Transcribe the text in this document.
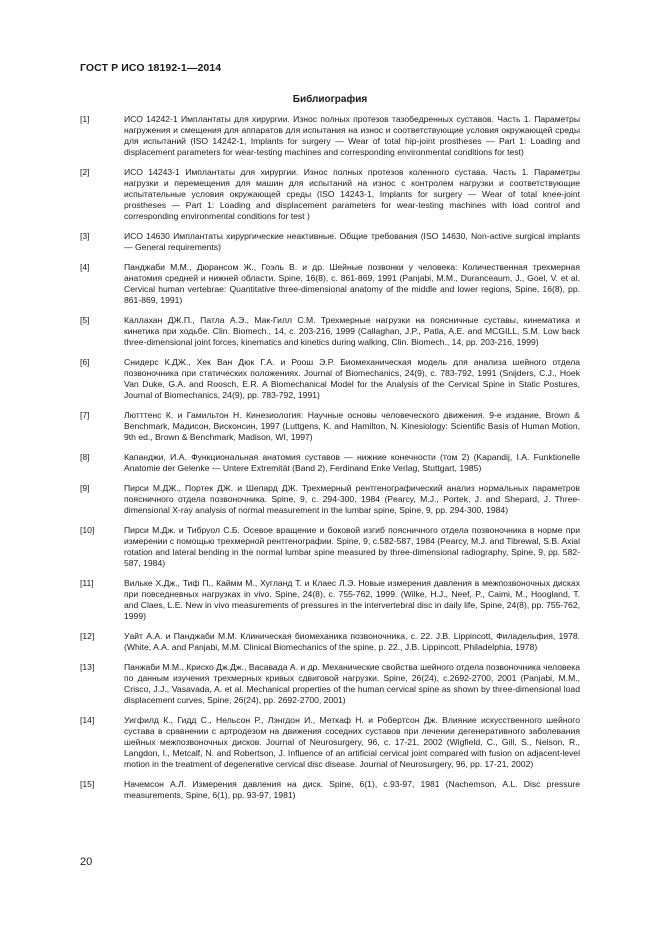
ГОСТ Р ИСО 18192-1—2014
Библиография
[1]	ИСО 14242-1 Имплантаты для хирургии. Износ полных протезов тазобедренных суставов. Часть 1. Параметры нагружения и смещения для аппаратов для испытания на износ и соответствующие условия окружающей среды для испытаний (ISO 14242-1, Implants for surgery — Wear of total hip-joint prostheses — Part 1: Loading and displacement parameters for wear-testing machines and corresponding environmental conditions for test)

[2]	ИСО 14243-1 Имплантаты для хирургии. Износ полных протезов коленного сустава. Часть 1. Параметры нагрузки и перемещения для машин для испытаний на износ с контролем нагрузки и соответствующие испытательные условия окружающей среды (ISO 14243-1, Implants for surgery — Wear of total knee-joint prostheses — Part 1: Loading and displacement parameters for wear-testing machines with load control and corresponding environmental conditions for test )

[3]	ИСО 14630 Имплантаты хирургические неактивные. Общие требования (ISO 14630, Non-active surgical implants — General requirements)

[4]	Панджаби М.М., Дюрансом Ж., Гоэль В. и др. Шейные позвонки у человека: Количественная трехмерная анатомия средней и нижней области. Spine, 16(8), с. 861-869, 1991 (Panjabi, M.M., Duranceaum, J., Goel, V. et al. Cervical human vertebrae: Quantitative three-dimensional anatomy of the middle and lower regions, Spine, 16(8), pp. 861-869, 1991)

[5]	Каллахан ДЖ.П., Патла А.Э., Мак-Гилл С.М. Трехмерные нагрузки на поясничные суставы, кинематика и кинетика при ходьбе. Clin. Biomech., 14, с. 203-216, 1999 (Callaghan, J.P., Patla, A.E. and MCGILL, S.M. Low back three-dimensional joint forces, kinematics and kinetics during walking, Clin. Biomech., 14, pp. 203-216, 1999)

[6]	Снидерс К.ДЖ., Хек Ван Дюк Г.А. и Роош Э.Р. Биомеханическая модель для анализа шейного отдела позвоночника при статических положениях. Journal of Biomechanics, 24(9), с. 783-792, 1991 (Snijders, C.J., Hoek Van Duke, G.A. and Roosch, E.R. A Biomechanical Model for the Analysis of the Cervical Spine in Static Postures, Journal of Biomechanics, 24(9), pp. 783-792, 1991)

[7]	Лютттенс К. и Гамильтон Н. Кинезиология: Научные основы человеческого движения. 9-е издание, Brown & Benchmark, Мадисон, Висконсин, 1997 (Luttgens, K. and Hamilton, N. Kinesiology: Scientific Basis of Human Motion, 9th ed., Brown & Benchmark, Madison, WI, 1997)

[8]	Капанджи, И.А. Функциональная анатомия суставов — нижние конечности (том 2) (Kapandij, I.A. Funktionelle Anatomie der Gelenke — Untere Extremität (Band 2), Ferdinand Enke Verlag, Stuttgart, 1985)

[9]	Пирси М.ДЖ., Портек ДЖ. и Шепард ДЖ. Трехмерный рентгенографический анализ нормальных параметров поясничного отдела позвоночника. Spine, 9, с. 294-300, 1984 (Pearcy, M.J., Portek, J. and Shepard, J. Three-dimensional X-ray analysis of normal measurement in the lumbar spine, Spine, 9, pp. 294-300, 1984)

[10]	Пирси М.Дж. и Тибруол С.Б. Осевое вращение и боковой изгиб поясничного отдела позвоночника в норме при измерении с помощью трехмерной рентгенографии. Spine, 9, с.582-587, 1984 (Pearcy, M.J. and Tibrewal, S.B. Axial rotation and lateral bending in the normal lumbar spine measured by three-dimensional radiography, Spine, 9, pp. 582-587, 1984)

[11]	Вильке Х.Дж., Тиф П., Каймм М., Хугланд Т. и Клаес Л.Э. Новые измерения давления в межпозвоночных дисках при повседневных нагрузках in vivo. Spine, 24(8), с. 755-762, 1999. (Wilke, H.J., Neef, P., Caimi, M., Hoogland, T. and Claes, L.E. New in vivo measurements of pressures in the intervertebral disc in daily life, Spine, 24(8), pp. 755-762, 1999)

[12]	Уайт А.А. и Панджаби М.М. Клиническая биомеханика позвоночника, с. 22. J.B. Lippincott, Филадельфия, 1978. (White, A.A. and Panjabi, M.M. Clinical Biomechanics of the spine, p. 22., J.B. Lippincott, Philadelphia, 1978)

[13]	Панжаби М.М., Криско Дж.Дж., Васавада А. и др. Механические свойства шейного отдела позвоночника человека по данным изучения трехмерных кривых сдвиговой нагрузки. Spine, 26(24), с.2692-2700, 2001 (Panjabi, M.M., Crisco, J.J., Vasavada, A. et al. Mechanical properties of the human cervical spine as shown by three-dimensional load displacement curves, Spine, 26(24), pp. 2692-2700, 2001)

[14]	Уигфилд К., Гидд С., Нельсон Р., Лэнгдон И., Меткаф Н. и Робертсон Дж. Влияние искусственного шейного сустава в сравнении с артродезом на движения соседних суставов при лечении дегенеративного заболевания шейных межпозвоночных дисков. Journal of Neurosurgery, 96, с. 17-21, 2002 (Wigfield, C., Gill, S., Nelson, R., Langdon, I., Metcalf, N. and Robertson, J. Influence of an artificial cervical joint compared with fusion on adjacent-level motion in the treatment of degenerative cervical disc disease. Journal of Neurosurgery, 96, pp. 17-21, 2002)

[15]	Начемсон А.Л. Измерения давления на диск. Spine, 6(1), с.93-97, 1981 (Nachemson, A.L. Disc pressure measurements, Spine, 6(1), pp. 93-97, 1981)

20
